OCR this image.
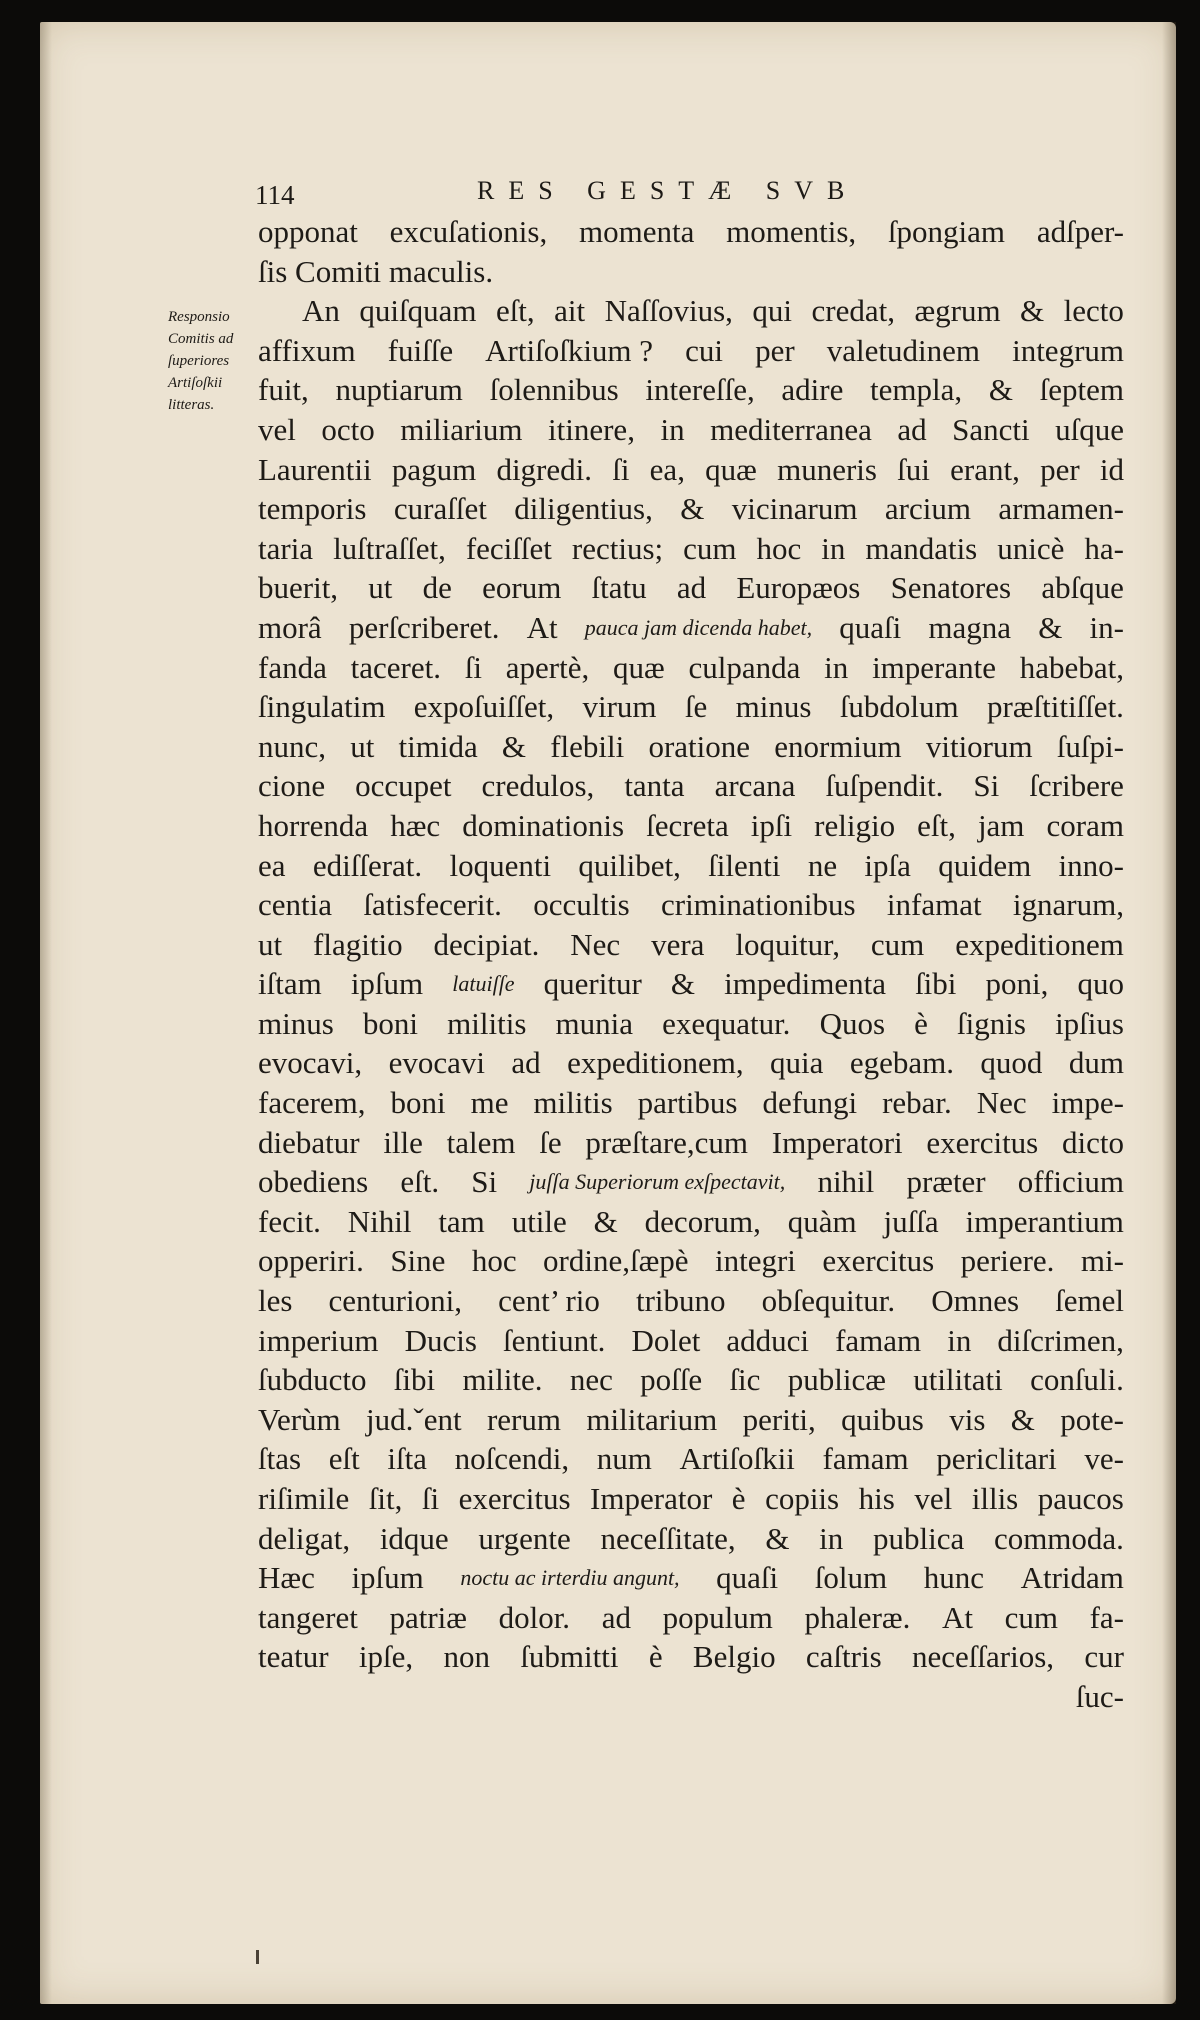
114	RES GESTÆ SVB
Responsio
Comitis ad
ſuperiores
Artiſoſkii
litteras.
opponat excuſationis, momenta momentis, ſpongiam adſper-
ſis Comiti maculis.
An quiſquam eſt, ait Naſſovius, qui credat, ægrum & lecto
affixum fuiſſe Artiſoſkium ? cui per valetudinem integrum
fuit, nuptiarum ſolennibus intereſſe, adire templa, & ſeptem
vel octo miliarium itinere, in mediterranea ad Sancti uſque
Laurentii pagum digredi. ſi ea, quæ muneris ſui erant, per id
temporis curaſſet diligentius, & vicinarum arcium armamen-
taria luſtraſſet, feciſſet rectius; cum hoc in mandatis unicè ha-
buerit, ut de eorum ſtatu ad Europæos Senatores abſque
morâ perſcriberet. At pauca jam dicenda habet, quaſi magna & in-
fanda taceret. ſi apertè, quæ culpanda in imperante habebat,
ſingulatim expoſuiſſet, virum ſe minus ſubdolum præſtitiſſet.
nunc, ut timida & flebili oratione enormium vitiorum ſuſpi-
cione occupet credulos, tanta arcana ſuſpendit. Si ſcribere
horrenda hæc dominationis ſecreta ipſi religio eſt, jam coram
ea ediſſerat. loquenti quilibet, ſilenti ne ipſa quidem inno-
centia ſatisfecerit. occultis criminationibus infamat ignarum,
ut flagitio decipiat. Nec vera loquitur, cum expeditionem
iſtam ipſum latuiſſe queritur & impedimenta ſibi poni, quo
minus boni militis munia exequatur. Quos è ſignis ipſius
evocavi, evocavi ad expeditionem, quia egebam. quod dum
facerem, boni me militis partibus defungi rebar. Nec impe-
diebatur ille talem ſe præſtare,cum Imperatori exercitus dicto
obediens eſt. Si juſſa Superiorum exſpectavit, nihil præter officium
fecit. Nihil tam utile & decorum, quàm juſſa imperantium
opperiri. Sine hoc ordine,ſæpè integri exercitus periere. mi-
les centurioni, cent’ rio tribuno obſequitur. Omnes ſemel
imperium Ducis ſentiunt. Dolet adduci famam in diſcrimen,
ſubducto ſibi milite. nec poſſe ſic publicæ utilitati conſuli.
Verùm jud.ˇent rerum militarium periti, quibus vis & pote-
ſtas eſt iſta noſcendi, num Artiſoſkii famam periclitari ve-
riſimile ſit, ſi exercitus Imperator è copiis his vel illis paucos
deligat, idque urgente neceſſitate, & in publica commoda.
Hæc ipſum noctu ac irterdiu angunt, quaſi ſolum hunc Atridam
tangeret patriæ dolor. ad populum phaleræ. At cum fa-
teatur ipſe, non ſubmitti è Belgio caſtris neceſſarios, cur
ſuc-
